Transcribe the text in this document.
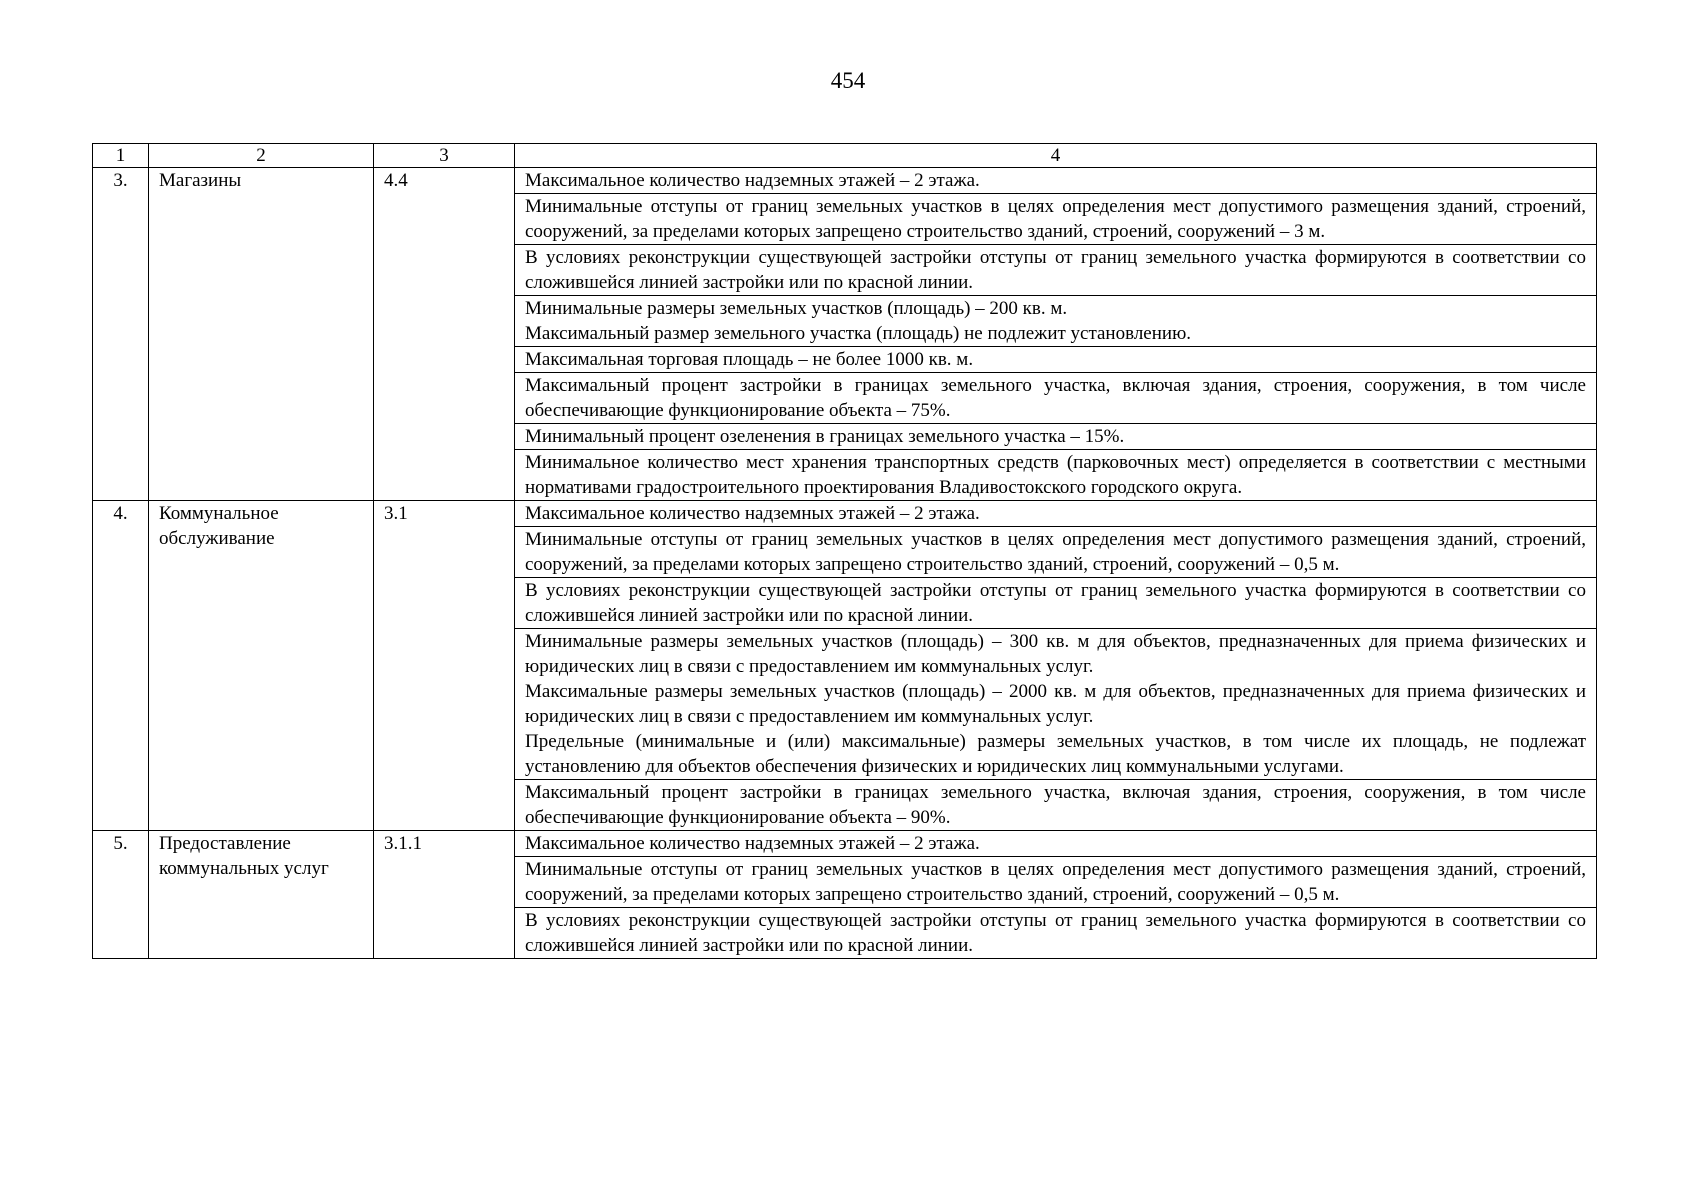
454
1	2	3	4
3.	Магазины	4.4	Максимальное количество надземных этажей – 2 этажа.

			Минимальные отступы от границ земельных участков в целях определения мест допустимого размещения зданий, строений, сооружений, за пределами которых запрещено строительство зданий, строений, сооружений – 3 м.

			В условиях реконструкции существующей застройки отступы от границ земельного участка формируются в соответствии со сложившейся линией застройки или по красной линии.

			Минимальные размеры земельных участков (площадь) – 200 кв. м.
Максимальный размер земельного участка (площадь) не подлежит установлению.

			Максимальная торговая площадь – не более 1000 кв. м.

			Максимальный процент застройки в границах земельного участка, включая здания, строения, сооружения, в том числе обеспечивающие функционирование объекта – 75%.

			Минимальный процент озеленения в границах земельного участка – 15%.

			Минимальное количество мест хранения транспортных средств (парковочных мест) определяется в соответствии с местными нормативами градостроительного проектирования Владивостокского городского округа.

4.	Коммунальное обслуживание	3.1	Максимальное количество надземных этажей – 2 этажа.

			Минимальные отступы от границ земельных участков в целях определения мест допустимого размещения зданий, строений, сооружений, за пределами которых запрещено строительство зданий, строений, сооружений – 0,5 м.

			В условиях реконструкции существующей застройки отступы от границ земельного участка формируются в соответствии со сложившейся линией застройки или по красной линии.

			Минимальные размеры земельных участков (площадь) – 300 кв. м для объектов, предназначенных для приема физических и юридических лиц в связи с предоставлением им коммунальных услуг.
Максимальные размеры земельных участков (площадь) – 2000 кв. м для объектов, предназначенных для приема физических и юридических лиц в связи с предоставлением им коммунальных услуг.
Предельные (минимальные и (или) максимальные) размеры земельных участков, в том числе их площадь, не подлежат установлению для объектов обеспечения физических и юридических лиц коммунальными услугами.

			Максимальный процент застройки в границах земельного участка, включая здания, строения, сооружения, в том числе обеспечивающие функционирование объекта – 90%.

5.	Предоставление коммунальных услуг	3.1.1	Максимальное количество надземных этажей – 2 этажа.

			Минимальные отступы от границ земельных участков в целях определения мест допустимого размещения зданий, строений, сооружений, за пределами которых запрещено строительство зданий, строений, сооружений – 0,5 м.

			В условиях реконструкции существующей застройки отступы от границ земельного участка формируются в соответствии со сложившейся линией застройки или по красной линии.
